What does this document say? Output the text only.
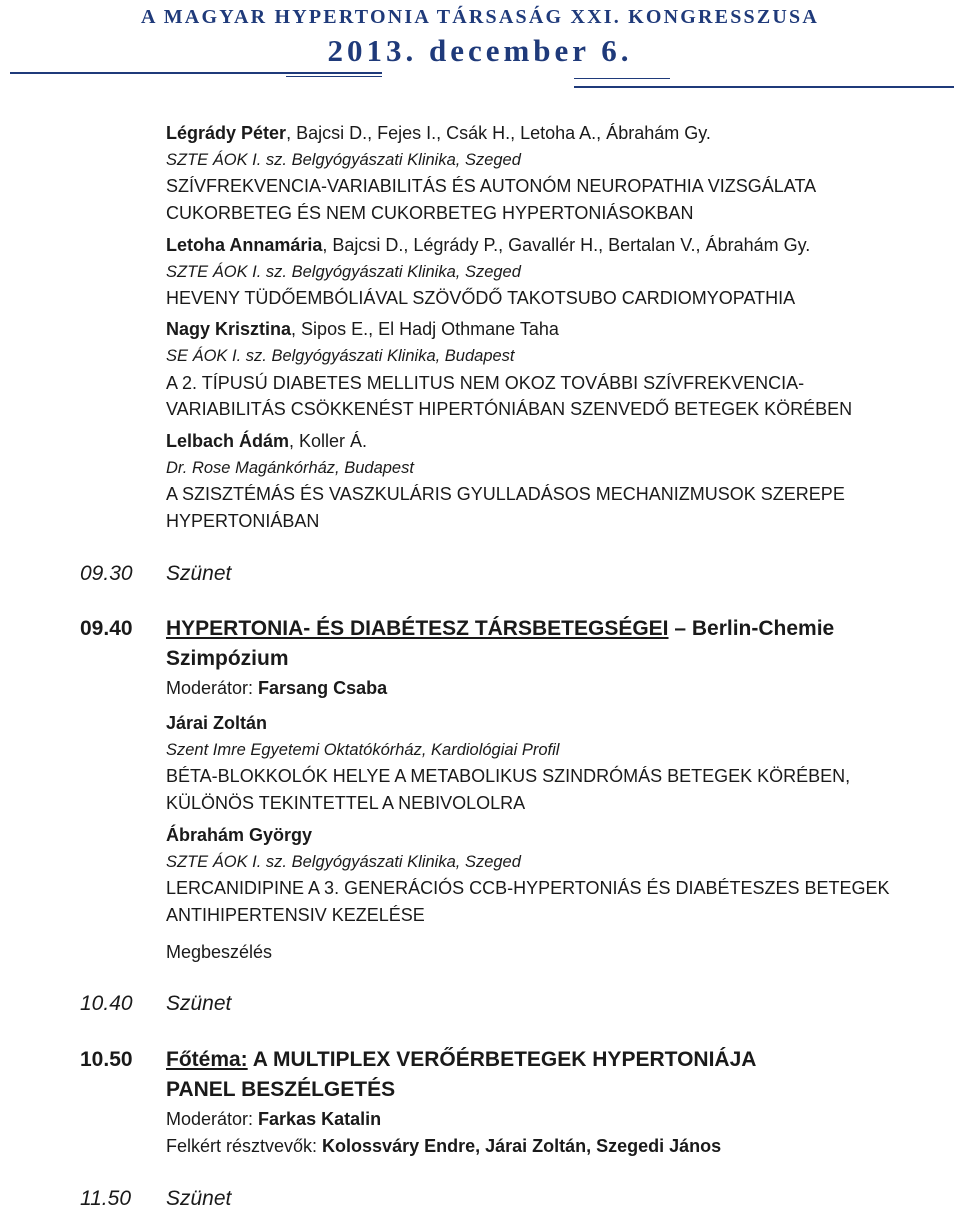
A MAGYAR HYPERTONIA TÁRSASÁG XXI. KONGRESSZUSA
2013. december 6.
Légrády Péter, Bajcsi D., Fejes I., Csák H., Letoha A., Ábrahám Gy.
SZTE ÁOK I. sz. Belgyógyászati Klinika, Szeged
SZÍVFREKVENCIA-VARIABILITÁS ÉS AUTONÓM NEUROPATHIA VIZSGÁLATA
CUKORBETEG ÉS NEM CUKORBETEG HYPERTONIÁSOKBAN
Letoha Annamária, Bajcsi D., Légrády P., Gavallér H., Bertalan V., Ábrahám Gy.
SZTE ÁOK I. sz. Belgyógyászati Klinika, Szeged
HEVENY TÜDŐEMBÓLIÁVAL SZÖVŐDŐ TAKOTSUBO CARDIOMYOPATHIA
Nagy Krisztina, Sipos E., El Hadj Othmane Taha
SE ÁOK I. sz. Belgyógyászati Klinika, Budapest
A 2. TÍPUSÚ DIABETES MELLITUS NEM OKOZ TOVÁBBI SZÍVFREKVENCIA-
VARIABILITÁS CSÖKKENÉST HIPERTÓNIÁBAN SZENVEDŐ BETEGEK KÖRÉBEN
Lelbach Ádám, Koller Á.
Dr. Rose Magánkórház, Budapest
A SZISZTÉMÁS ÉS VASZKULÁRIS GYULLADÁSOS MECHANIZMUSOK SZEREPE
HYPERTONIÁBAN
09.30 Szünet
09.40 HYPERTONIA- ÉS DIABÉTESZ TÁRSBETEGSÉGEI – Berlin-Chemie
Szimpózium
Moderátor: Farsang Csaba
Járai Zoltán
Szent Imre Egyetemi Oktatókórház, Kardiológiai Profil
BÉTA-BLOKKOLÓK HELYE A METABOLIKUS SZINDRÓMÁS BETEGEK KÖRÉBEN,
KÜLÖNÖS TEKINTETTEL A NEBIVOLOLRA
Ábrahám György
SZTE ÁOK I. sz. Belgyógyászati Klinika, Szeged
LERCANIDIPINE A 3. GENERÁCIÓS CCB-HYPERTONIÁS ÉS DIABÉTESZES BETEGEK
ANTIHIPERTENSIV KEZELÉSE
Megbeszélés
10.40 Szünet
10.50 Főtéma: A MULTIPLEX VERŐÉRBETEGEK HYPERTONIÁJA
PANEL BESZÉLGETÉS
Moderátor: Farkas Katalin
Felkért résztvevők: Kolossváry Endre, Járai Zoltán, Szegedi János
11.50 Szünet
